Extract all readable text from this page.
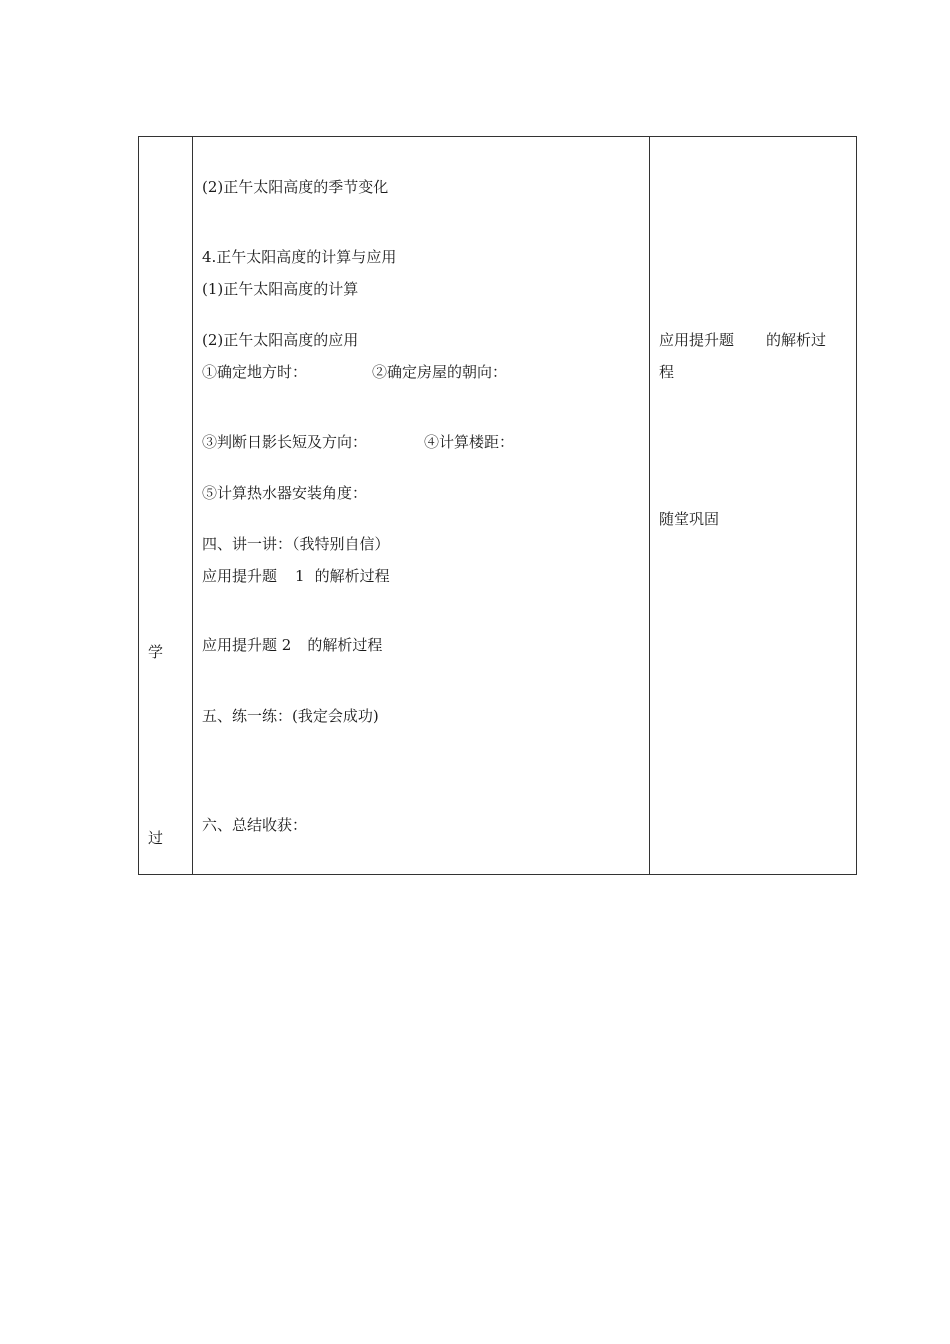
学
过
(2)正午太阳高度的季节变化
4.正午太阳高度的计算与应用
(1)正午太阳高度的计算
(2)正午太阳高度的应用
①确定地方时：	②确定房屋的朝向：
③判断日影长短及方向：	④计算楼距：
⑤计算热水器安装角度：
四、讲一讲：（我特别自信）
应用提升题 1 的解析过程
应用提升题 2 的解析过程
五、练一练：(我定会成功)
六、总结收获：
应用提升题 的解析过
程
随堂巩固
